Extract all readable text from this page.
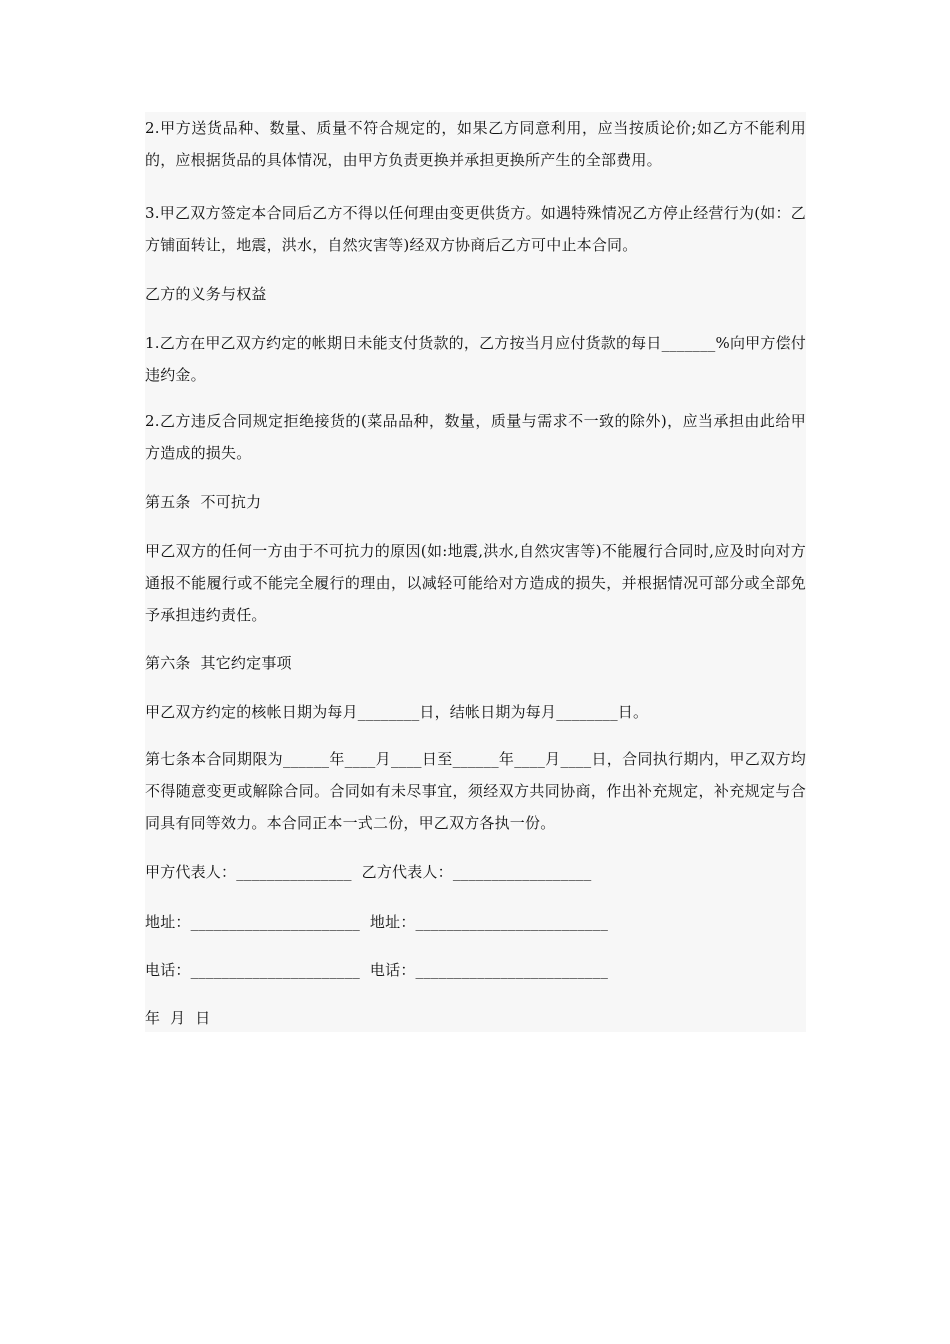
2.甲方送货品种、数量、质量不符合规定的，如果乙方同意利用，应当按质论价;如乙方不能利用的，应根据货品的具体情况，由甲方负责更换并承担更换所产生的全部费用。

3.甲乙双方签定本合同后乙方不得以任何理由变更供货方。如遇特殊情况乙方停止经营行为(如：乙方铺面转让，地震，洪水，自然灾害等)经双方协商后乙方可中止本合同。

乙方的义务与权益

1.乙方在甲乙双方约定的帐期日未能支付货款的，乙方按当月应付货款的每日_______%向甲方偿付违约金。

2.乙方违反合同规定拒绝接货的(菜品品种，数量，质量与需求不一致的除外)，应当承担由此给甲方造成的损失。

第五条  不可抗力

甲乙双方的任何一方由于不可抗力的原因(如:地震,洪水,自然灾害等)不能履行合同时,应及时向对方通报不能履行或不能完全履行的理由，以减轻可能给对方造成的损失，并根据情况可部分或全部免予承担违约责任。

第六条  其它约定事项

甲乙双方约定的核帐日期为每月________日，结帐日期为每月________日。

第七条本合同期限为______年____月____日至______年____月____日，合同执行期内，甲乙双方均不得随意变更或解除合同。合同如有未尽事宜，须经双方共同协商，作出补充规定，补充规定与合同具有同等效力。本合同正本一式二份，甲乙双方各执一份。

甲方代表人：_______________  乙方代表人：__________________

地址：______________________  地址：_________________________

电话：______________________  电话：_________________________

年  月  日
